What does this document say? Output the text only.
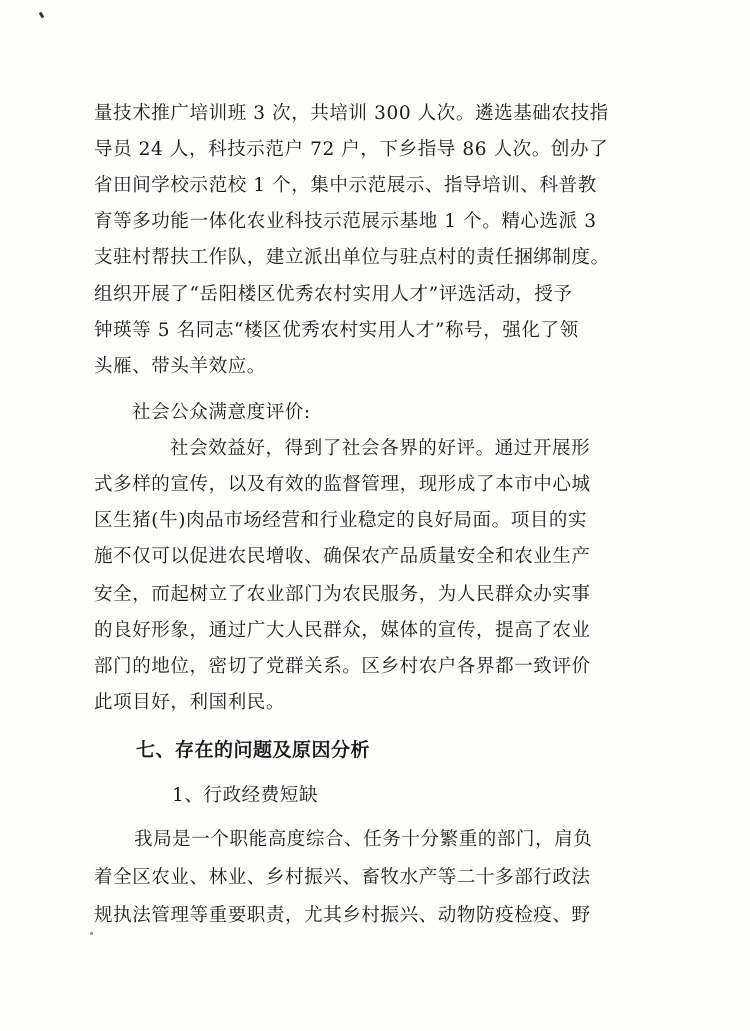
量技术推广培训班 3 次，共培训 300 人次。遴选基础农技指
导员 24 人，科技示范户 72 户，下乡指导 86 人次。创办了
省田间学校示范校 1 个，集中示范展示、指导培训、科普教
育等多功能一体化农业科技示范展示基地 1 个。精心选派 3
支驻村帮扶工作队，建立派出单位与驻点村的责任捆绑制度。
组织开展了“岳阳楼区优秀农村实用人才”评选活动，授予
钟瑛等 5 名同志“楼区优秀农村实用人才”称号，强化了领
头雁、带头羊效应。
社会公众满意度评价:
社会效益好，得到了社会各界的好评。通过开展形
式多样的宣传，以及有效的监督管理，现形成了本市中心城
区生猪(牛)肉品市场经营和行业稳定的良好局面。项目的实
施不仅可以促进农民增收、确保农产品质量安全和农业生产
安全，而起树立了农业部门为农民服务，为人民群众办实事
的良好形象，通过广大人民群众，媒体的宣传，提高了农业
部门的地位，密切了党群关系。区乡村农户各界都一致评价
此项目好，利国利民。
七、存在的问题及原因分析
1、行政经费短缺
我局是一个职能高度综合、任务十分繁重的部门，肩负
着全区农业、林业、乡村振兴、畜牧水产等二十多部行政法
规执法管理等重要职责，尤其乡村振兴、动物防疫检疫、野
